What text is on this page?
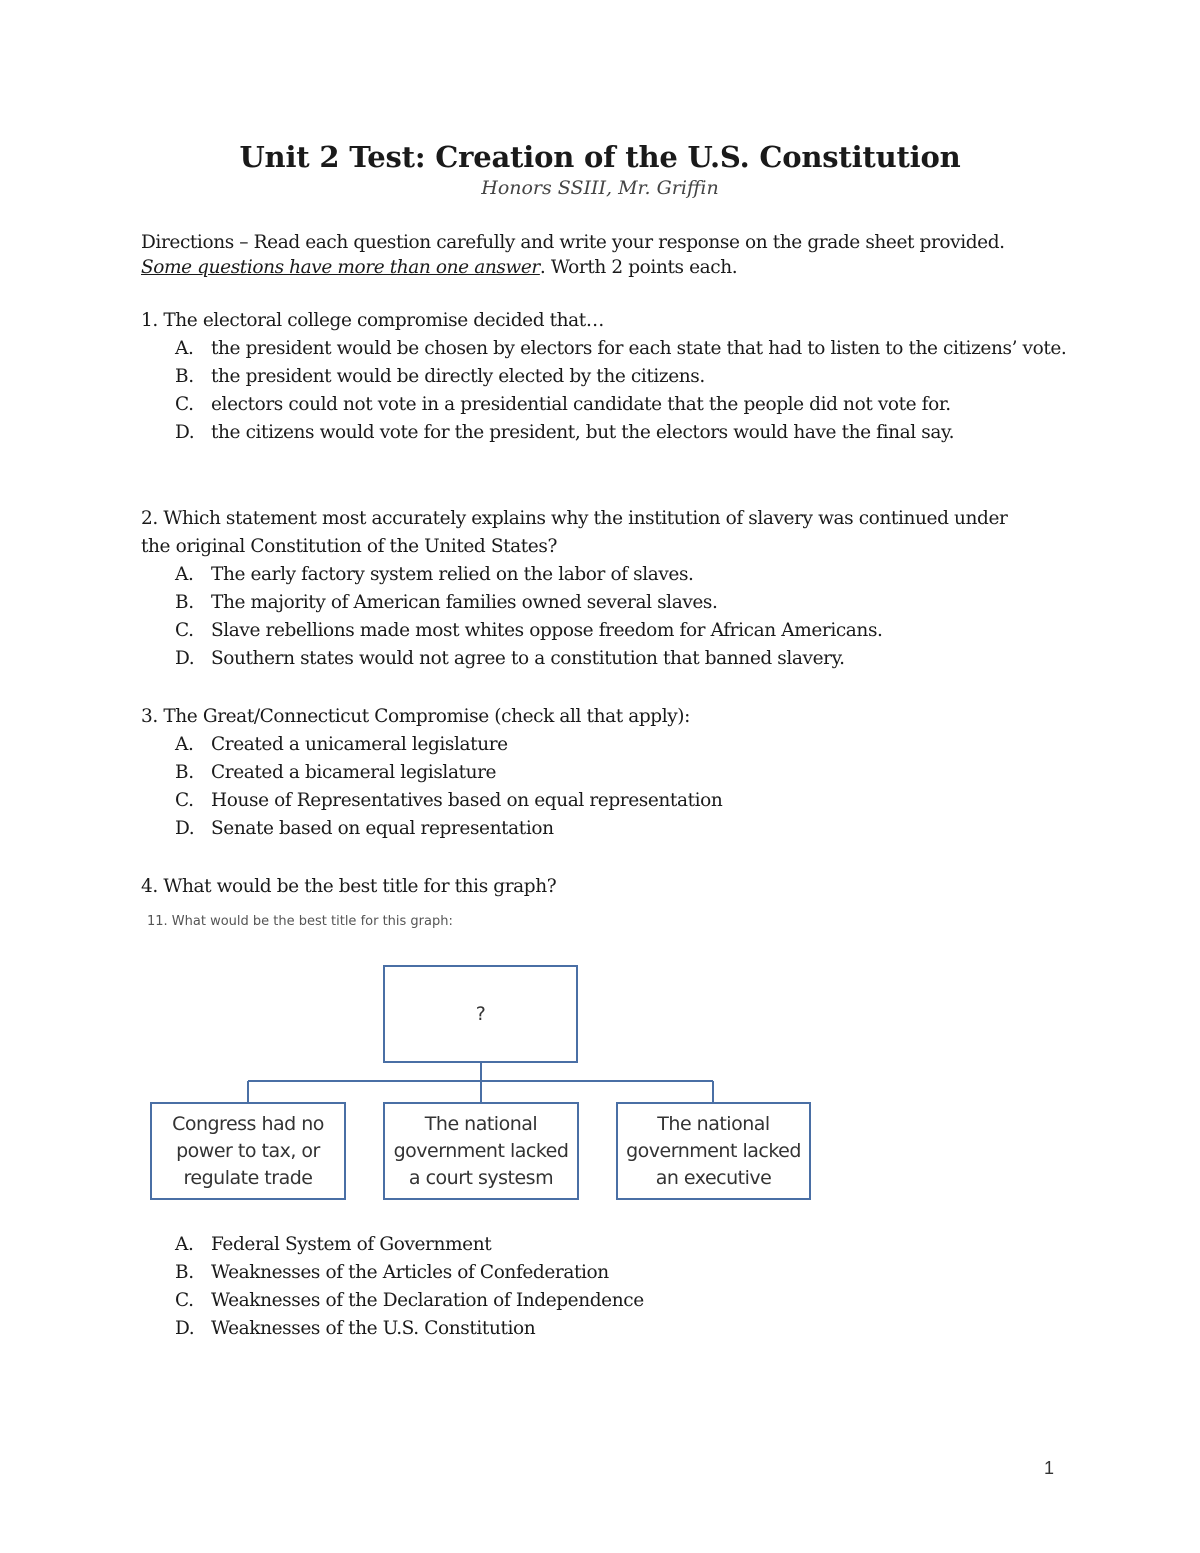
Unit 2 Test: Creation of the U.S. Constitution
Honors SSIII, Mr. Griffin
Directions – Read each question carefully and write your response on the grade sheet provided.
Some questions have more than one answer. Worth 2 points each.
1. The electoral college compromise decided that…
A. the president would be chosen by electors for each state that had to listen to the citizens’ vote.
B. the president would be directly elected by the citizens.
C. electors could not vote in a presidential candidate that the people did not vote for.
D. the citizens would vote for the president, but the electors would have the final say.
2. Which statement most accurately explains why the institution of slavery was continued under the original Constitution of the United States?
A. The early factory system relied on the labor of slaves.
B. The majority of American families owned several slaves.
C. Slave rebellions made most whites oppose freedom for African Americans.
D. Southern states would not agree to a constitution that banned slavery.
3. The Great/Connecticut Compromise (check all that apply):
A. Created a unicameral legislature
B. Created a bicameral legislature
C. House of Representatives based on equal representation
D. Senate based on equal representation
4. What would be the best title for this graph?
11. What would be the best title for this graph:
?
Congress had no
power to tax, or
regulate trade
The national
government lacked
a court systesm
The national
government lacked
an executive
A. Federal System of Government
B. Weaknesses of the Articles of Confederation
C. Weaknesses of the Declaration of Independence
D. Weaknesses of the U.S. Constitution
1
